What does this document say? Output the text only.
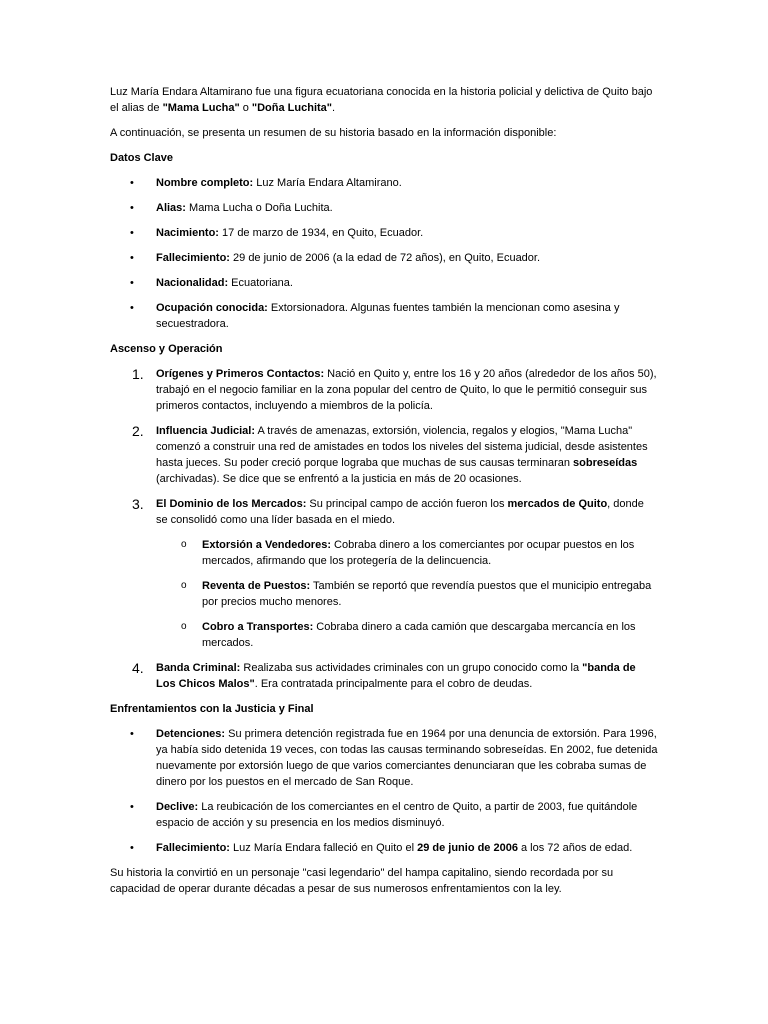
Luz María Endara Altamirano fue una figura ecuatoriana conocida en la historia policial y delictiva de Quito bajo el alias de "Mama Lucha" o "Doña Luchita".

A continuación, se presenta un resumen de su historia basado en la información disponible:

Datos Clave

• Nombre completo: Luz María Endara Altamirano.
• Alias: Mama Lucha o Doña Luchita.
• Nacimiento: 17 de marzo de 1934, en Quito, Ecuador.
• Fallecimiento: 29 de junio de 2006 (a la edad de 72 años), en Quito, Ecuador.
• Nacionalidad: Ecuatoriana.
• Ocupación conocida: Extorsionadora. Algunas fuentes también la mencionan como asesina y secuestradora.

Ascenso y Operación

1. Orígenes y Primeros Contactos: Nació en Quito y, entre los 16 y 20 años (alrededor de los años 50), trabajó en el negocio familiar en la zona popular del centro de Quito, lo que le permitió conseguir sus primeros contactos, incluyendo a miembros de la policía.
2. Influencia Judicial: A través de amenazas, extorsión, violencia, regalos y elogios, "Mama Lucha" comenzó a construir una red de amistades en todos los niveles del sistema judicial, desde asistentes hasta jueces. Su poder creció porque lograba que muchas de sus causas terminaran sobreseídas (archivadas). Se dice que se enfrentó a la justicia en más de 20 ocasiones.
3. El Dominio de los Mercados: Su principal campo de acción fueron los mercados de Quito, donde se consolidó como una líder basada en el miedo.
o Extorsión a Vendedores: Cobraba dinero a los comerciantes por ocupar puestos en los mercados, afirmando que los protegería de la delincuencia.
o Reventa de Puestos: También se reportó que revendía puestos que el municipio entregaba por precios mucho menores.
o Cobro a Transportes: Cobraba dinero a cada camión que descargaba mercancía en los mercados.
4. Banda Criminal: Realizaba sus actividades criminales con un grupo conocido como la "banda de Los Chicos Malos". Era contratada principalmente para el cobro de deudas.

Enfrentamientos con la Justicia y Final

• Detenciones: Su primera detención registrada fue en 1964 por una denuncia de extorsión. Para 1996, ya había sido detenida 19 veces, con todas las causas terminando sobreseídas. En 2002, fue detenida nuevamente por extorsión luego de que varios comerciantes denunciaran que les cobraba sumas de dinero por los puestos en el mercado de San Roque.
• Declive: La reubicación de los comerciantes en el centro de Quito, a partir de 2003, fue quitándole espacio de acción y su presencia en los medios disminuyó.
• Fallecimiento: Luz María Endara falleció en Quito el 29 de junio de 2006 a los 72 años de edad.

Su historia la convirtió en un personaje "casi legendario" del hampa capitalino, siendo recordada por su capacidad de operar durante décadas a pesar de sus numerosos enfrentamientos con la ley.
